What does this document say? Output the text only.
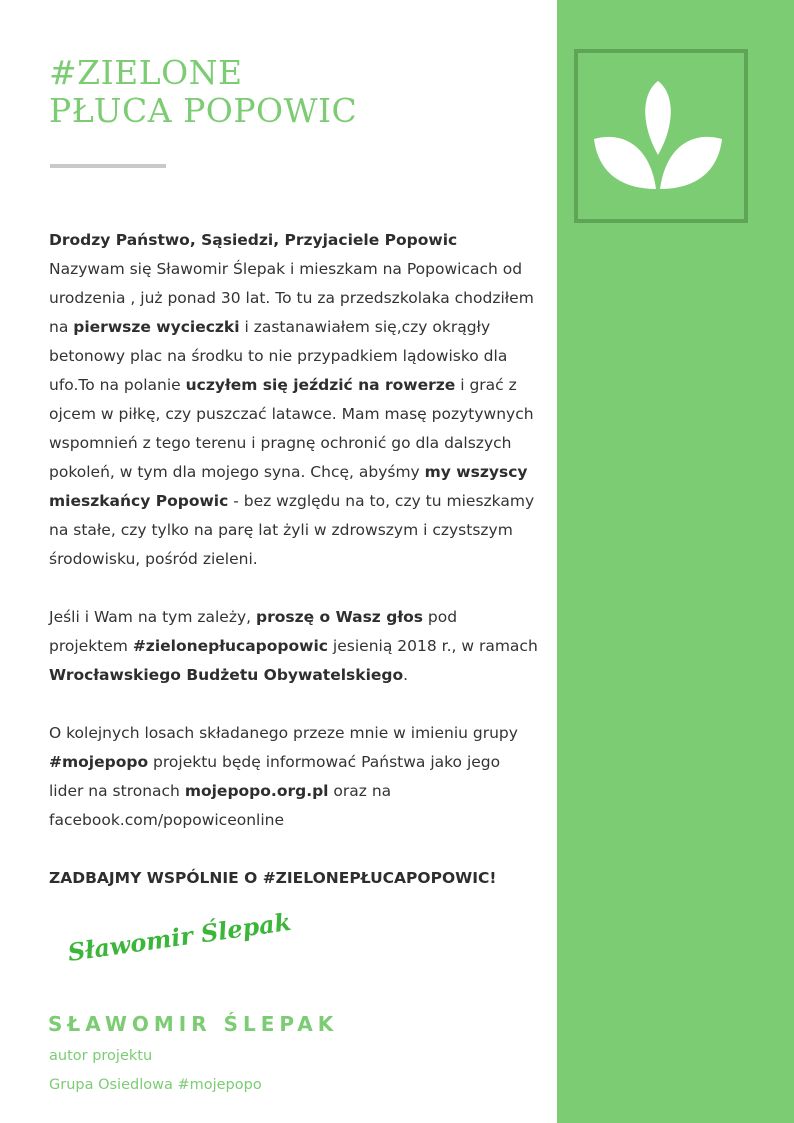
#ZIELONE
PŁUCA POPOWIC

Drodzy Państwo, Sąsiedzi, Przyjaciele Popowic

Nazywam się Sławomir Ślepak i mieszkam na Popowicach od urodzenia , już ponad 30 lat. To tu za przedszkolaka chodziłem na pierwsze wycieczki i zastanawiałem się,czy okrągły betonowy plac na środku to nie przypadkiem lądowisko dla ufo.To na polanie uczyłem się jeździć na rowerze i grać z ojcem w piłkę, czy puszczać latawce. Mam masę pozytywnych wspomnień z tego terenu i pragnę ochronić go dla dalszych pokoleń, w tym dla mojego syna. Chcę, abyśmy my wszyscy mieszkańcy Popowic - bez względu na to, czy tu mieszkamy na stałe, czy tylko na parę lat żyli w zdrowszym i czystszym środowisku, pośród zieleni.

Jeśli i Wam na tym zależy, proszę o Wasz głos pod projektem #zielonepłucapopowic jesienią 2018 r., w ramach Wrocławskiego Budżetu Obywatelskiego.

O kolejnych losach składanego przeze mnie w imieniu grupy #mojepopo projektu będę informować Państwa jako jego lider na stronach mojepopo.org.pl oraz na facebook.com/popowiceonline

ZADBAJMY WSPÓLNIE O #ZIELONEPŁUCAPOPOWIC!

Sławomir Ślepak
SŁAWOMIR ŚLEPAK
autor projektu
Grupa Osiedlowa #mojepopo
